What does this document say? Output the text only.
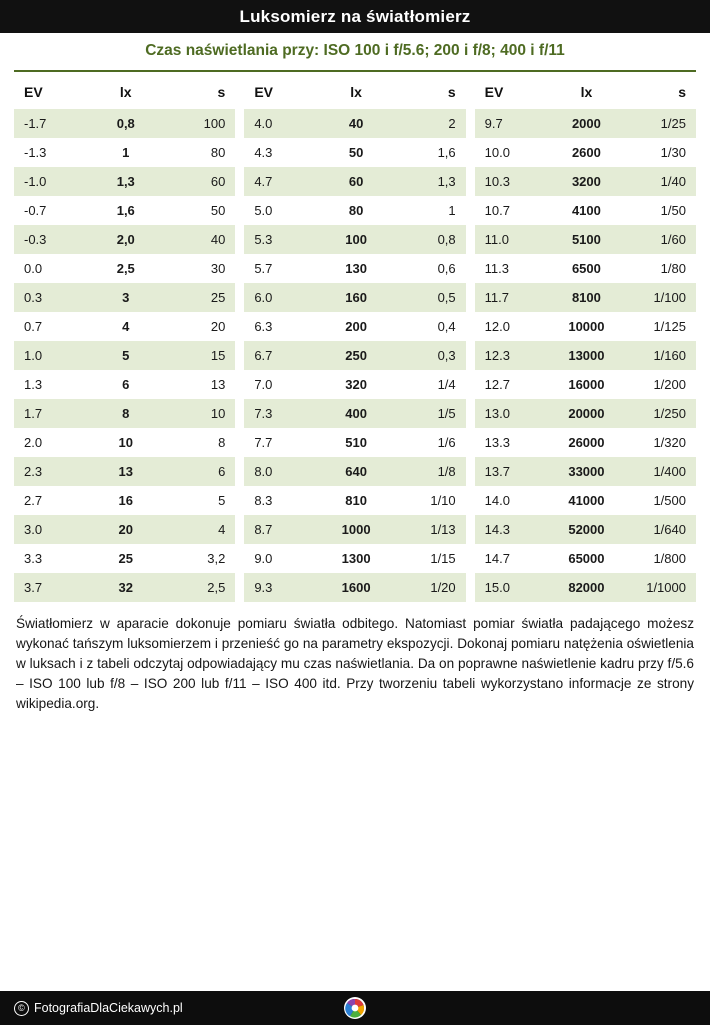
Luksomierz na światłomierz
Czas naświetlania przy: ISO 100 i f/5.6; 200 i f/8; 400 i f/11
EV	lx	s
-1.7	0,8	100
-1.3	1	80
-1.0	1,3	60
-0.7	1,6	50
-0.3	2,0	40
0.0	2,5	30
0.3	3	25
0.7	4	20
1.0	5	15
1.3	6	13
1.7	8	10
2.0	10	8
2.3	13	6
2.7	16	5
3.0	20	4
3.3	25	3,2
3.7	32	2,5
EV	lx	s
4.0	40	2
4.3	50	1,6
4.7	60	1,3
5.0	80	1
5.3	100	0,8
5.7	130	0,6
6.0	160	0,5
6.3	200	0,4
6.7	250	0,3
7.0	320	1/4
7.3	400	1/5
7.7	510	1/6
8.0	640	1/8
8.3	810	1/10
8.7	1000	1/13
9.0	1300	1/15
9.3	1600	1/20
EV	lx	s
9.7	2000	1/25
10.0	2600	1/30
10.3	3200	1/40
10.7	4100	1/50
11.0	5100	1/60
11.3	6500	1/80
11.7	8100	1/100
12.0	10000	1/125
12.3	13000	1/160
12.7	16000	1/200
13.0	20000	1/250
13.3	26000	1/320
13.7	33000	1/400
14.0	41000	1/500
14.3	52000	1/640
14.7	65000	1/800
15.0	82000	1/1000

Światłomierz w aparacie dokonuje pomiaru światła odbitego. Natomiast pomiar światła padającego możesz wykonać tańszym luksomierzem i przenieść go na parametry ekspozycji. Dokonaj pomiaru natężenia oświetlenia w luksach i z tabeli odczytaj odpowiadający mu czas naświetlania. Da on poprawne naświetlenie kadru przy f/5.6 – ISO 100 lub f/8 – ISO 200 lub f/11 – ISO 400 itd. Przy tworzeniu tabeli wykorzystano informacje ze strony wikipedia.org.

© FotografiaDlaCiekawych.pl
